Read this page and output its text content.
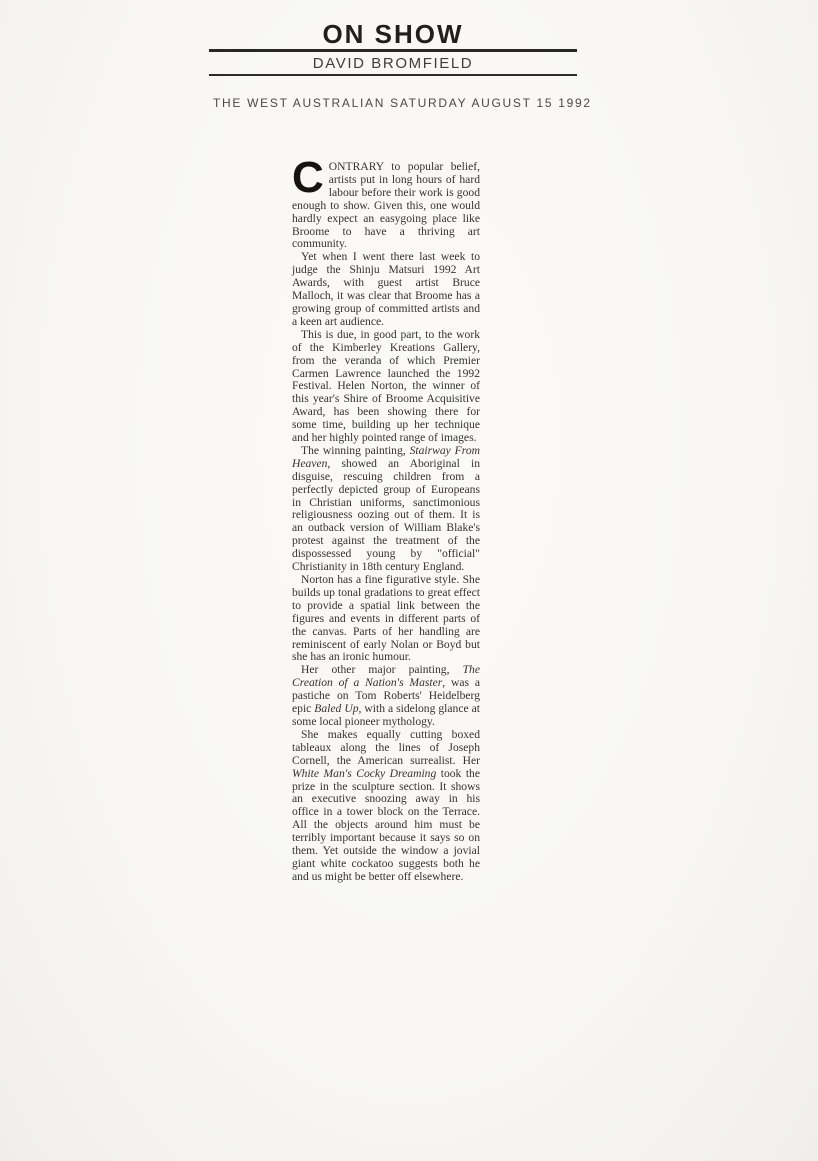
ON SHOW
DAVID BROMFIELD
THE WEST AUSTRALIAN SATURDAY AUGUST 15 1992

CONTRARY to popular belief, artists put in long hours of hard labour before their work is good enough to show. Given this, one would hardly expect an easygoing place like Broome to have a thriving art community.

Yet when I went there last week to judge the Shinju Matsuri 1992 Art Awards, with guest artist Bruce Malloch, it was clear that Broome has a growing group of committed artists and a keen art audience.

This is due, in good part, to the work of the Kimberley Kreations Gallery, from the veranda of which Premier Carmen Lawrence launched the 1992 Festival. Helen Norton, the winner of this year's Shire of Broome Acquisitive Award, has been showing there for some time, building up her technique and her highly pointed range of images.

The winning painting, Stairway From Heaven, showed an Aboriginal in disguise, rescuing children from a perfectly depicted group of Europeans in Christian uniforms, sanctimonious religiousness oozing out of them. It is an outback version of William Blake's protest against the treatment of the dispossessed young by "official" Christianity in 18th century England.

Norton has a fine figurative style. She builds up tonal gradations to great effect to provide a spatial link between the figures and events in different parts of the canvas. Parts of her handling are reminiscent of early Nolan or Boyd but she has an ironic humour.

Her other major painting, The Creation of a Nation's Master, was a pastiche on Tom Roberts' Heidelberg epic Baled Up, with a sidelong glance at some local pioneer mythology.

She makes equally cutting boxed tableaux along the lines of Joseph Cornell, the American surrealist. Her White Man's Cocky Dreaming took the prize in the sculpture section. It shows an executive snoozing away in his office in a tower block on the Terrace. All the objects around him must be terribly important because it says so on them. Yet outside the window a jovial giant white cockatoo suggests both he and us might be better off elsewhere.
